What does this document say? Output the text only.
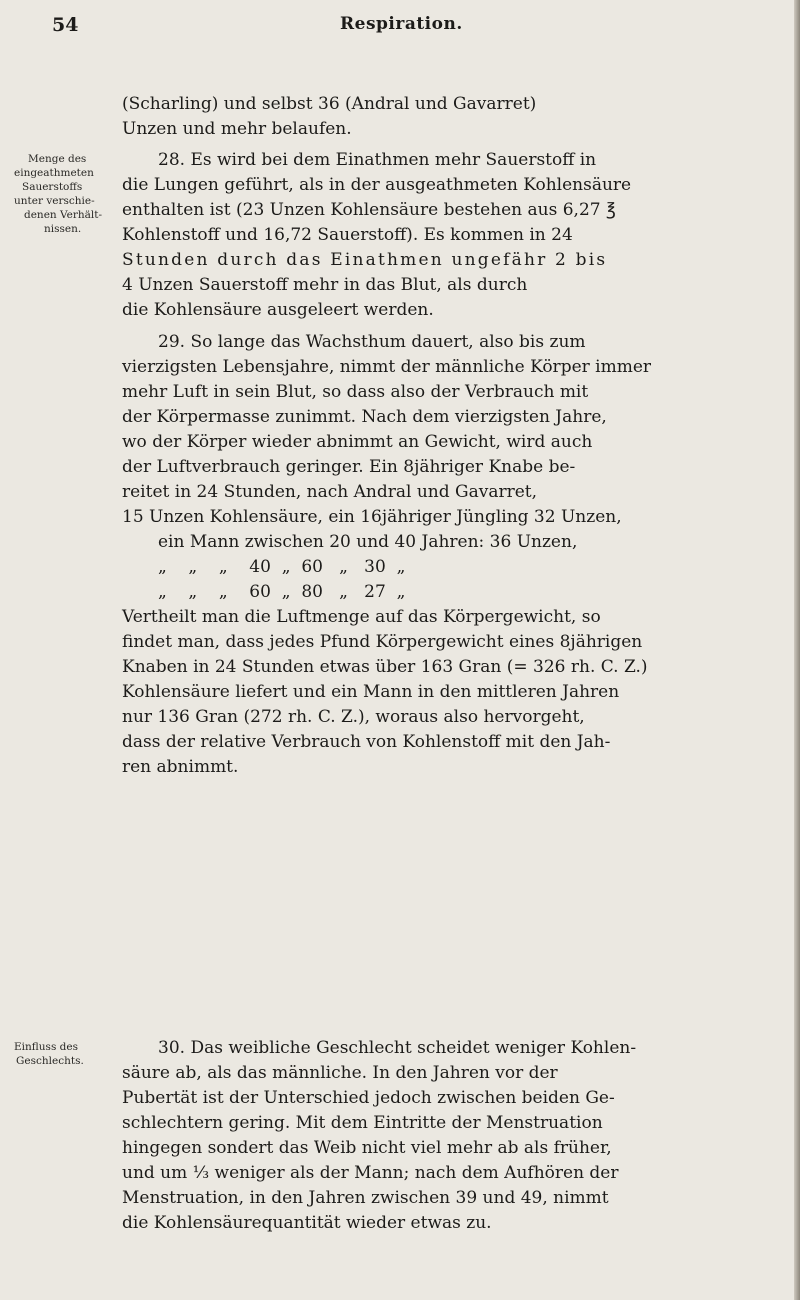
54	Respiration.
Menge des
eingeathmeten
Sauerstoffs
unter verschie-
denen Verhält-
nissen.
Einfluss des
Geschlechts.
(Scharling) und selbst 36 (Andral und Gavarret)
Unzen und mehr belaufen.
28. Es wird bei dem Einathmen mehr Sauerstoff in
die Lungen geführt, als in der ausgeathmeten Kohlensäure
enthalten ist (23 Unzen Kohlensäure bestehen aus 6,27 ℥
Kohlenstoff und 16,72 Sauerstoff). Es kommen in 24
Stunden durch das Einathmen ungefähr 2 bis
4 Unzen Sauerstoff mehr in das Blut, als durch
die Kohlensäure ausgeleert werden.
29. So lange das Wachsthum dauert, also bis zum
vierzigsten Lebensjahre, nimmt der männliche Körper immer
mehr Luft in sein Blut, so dass also der Verbrauch mit
der Körpermasse zunimmt. Nach dem vierzigsten Jahre,
wo der Körper wieder abnimmt an Gewicht, wird auch
der Luftverbrauch geringer. Ein 8jähriger Knabe be-
reitet in 24 Stunden, nach Andral und Gavarret,
15 Unzen Kohlensäure, ein 16jähriger Jüngling 32 Unzen,
ein Mann zwischen 20 und 40 Jahren: 36 Unzen,
„    „    „    40  „  60   „   30  „
„    „    „    60  „  80   „   27  „
Vertheilt man die Luftmenge auf das Körpergewicht, so
findet man, dass jedes Pfund Körpergewicht eines 8jährigen
Knaben in 24 Stunden etwas über 163 Gran (= 326 rh. C. Z.)
Kohlensäure liefert und ein Mann in den mittleren Jahren
nur 136 Gran (272 rh. C. Z.), woraus also hervorgeht,
dass der relative Verbrauch von Kohlenstoff mit den Jah-
ren abnimmt.
30. Das weibliche Geschlecht scheidet weniger Kohlen-
säure ab, als das männliche. In den Jahren vor der
Pubertät ist der Unterschied jedoch zwischen beiden Ge-
schlechtern gering. Mit dem Eintritte der Menstruation
hingegen sondert das Weib nicht viel mehr ab als früher,
und um ⅓ weniger als der Mann; nach dem Aufhören der
Menstruation, in den Jahren zwischen 39 und 49, nimmt
die Kohlensäurequantität wieder etwas zu.
